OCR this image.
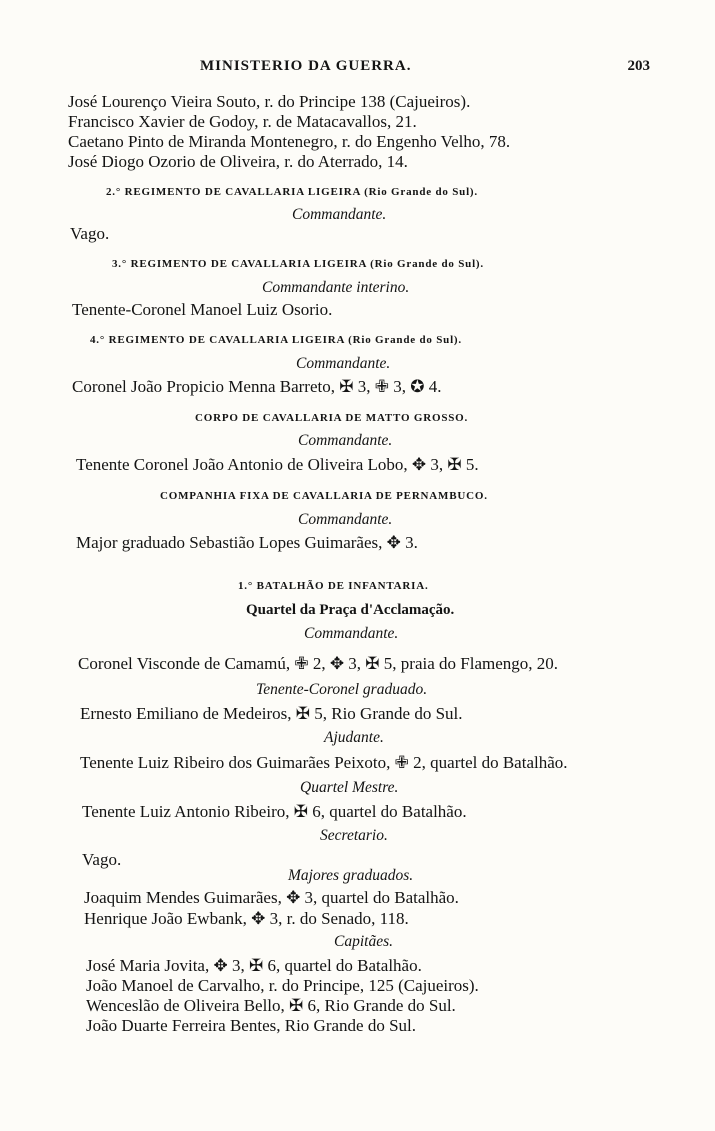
MINISTERIO DA GUERRA.	203
José Lourenço Vieira Souto, r. do Principe 138 (Cajueiros).
Francisco Xavier de Godoy, r. de Matacavallos, 21.
Caetano Pinto de Miranda Montenegro, r. do Engenho Velho, 78.
José Diogo Ozorio de Oliveira, r. do Aterrado, 14.
2.° REGIMENTO DE CAVALLARIA LIGEIRA (Rio Grande do Sul).
Commandante.
Vago.
3.° REGIMENTO DE CAVALLARIA LIGEIRA (Rio Grande do Sul).
Commandante interino.
Tenente-Coronel Manoel Luiz Osorio.
4.° REGIMENTO DE CAVALLARIA LIGEIRA (Rio Grande do Sul).
Commandante.
Coronel João Propicio Menna Barreto, ✠ 3, ✙ 3, ✪ 4.
CORPO DE CAVALLARIA DE MATTO GROSSO.
Commandante.
Tenente Coronel João Antonio de Oliveira Lobo, ✥ 3, ✠ 5.
COMPANHIA FIXA DE CAVALLARIA DE PERNAMBUCO.
Commandante.
Major graduado Sebastião Lopes Guimarães, ✥ 3.
1.° BATALHÃO DE INFANTARIA.
Quartel da Praça d'Acclamação.
Commandante.
Coronel Visconde de Camamú, ✙ 2, ✥ 3, ✠ 5, praia do Flamengo, 20.
Tenente-Coronel graduado.
Ernesto Emiliano de Medeiros, ✠ 5, Rio Grande do Sul.
Ajudante.
Tenente Luiz Ribeiro dos Guimarães Peixoto, ✙ 2, quartel do Batalhão.
Quartel Mestre.
Tenente Luiz Antonio Ribeiro, ✠ 6, quartel do Batalhão.
Secretario.
Vago.
Majores graduados.
Joaquim Mendes Guimarães, ✥ 3, quartel do Batalhão.
Henrique João Ewbank, ✥ 3, r. do Senado, 118.
Capitães.
José Maria Jovita, ✥ 3, ✠ 6, quartel do Batalhão.
João Manoel de Carvalho, r. do Principe, 125 (Cajueiros).
Wenceslão de Oliveira Bello, ✠ 6, Rio Grande do Sul.
João Duarte Ferreira Bentes, Rio Grande do Sul.
